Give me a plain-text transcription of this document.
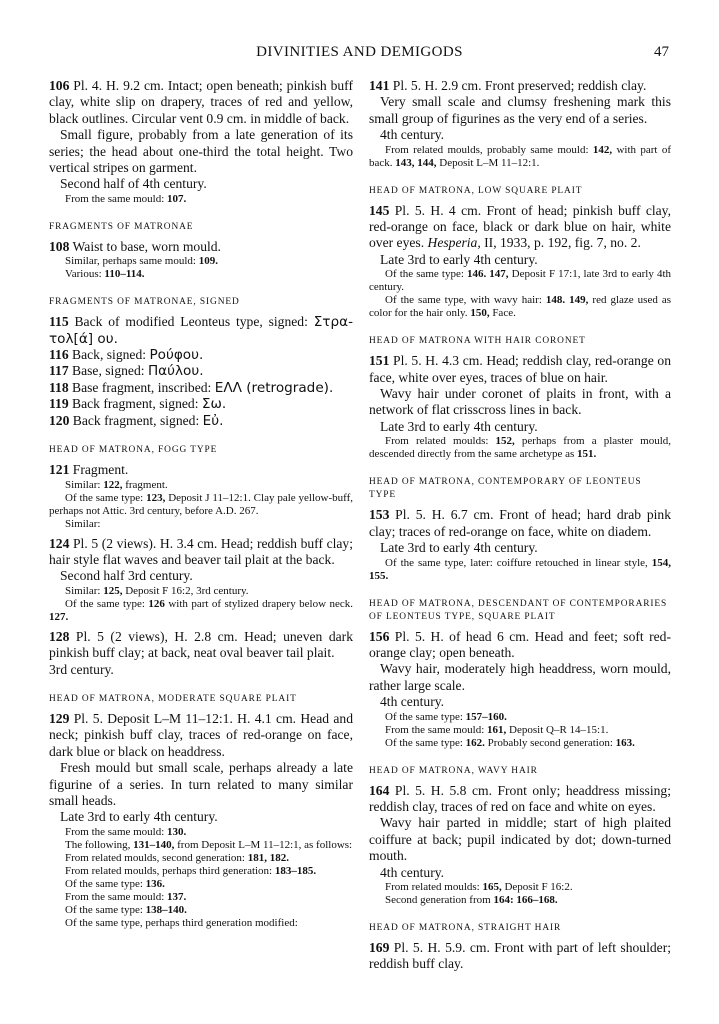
DIVINITIES AND DEMIGODS	47

106 Pl. 4. H. 9.2 cm. Intact; open beneath; pinkish buff clay, white slip on drapery, traces of red and yellow, black outlines. Circular vent 0.9 cm. in middle of back.

Small figure, probably from a late generation of its series; the head about one-third the total height. Two vertical stripes on garment.

Second half of 4th century.

From the same mould: 107.

FRAGMENTS OF MATRONAE

108 Waist to base, worn mould.

Similar, perhaps same mould: 109.

Various: 110–114.

FRAGMENTS OF MATRONAE, SIGNED

115 Back of modified Leonteus type, signed: Στρα-τολ[ά] ου.

116 Back, signed: Ρούφου.

117 Base, signed: Παύλου.

118 Base fragment, inscribed: ΕΛΛ (retrograde).

119 Back fragment, signed: Σω.

120 Back fragment, signed: Εὐ.

HEAD OF MATRONA, FOGG TYPE

121 Fragment.

Similar: 122, fragment.

Of the same type: 123, Deposit J 11–12:1. Clay pale yellow-buff, perhaps not Attic. 3rd century, before A.D. 267.

Similar:

124 Pl. 5 (2 views). H. 3.4 cm. Head; reddish buff clay; hair style flat waves and beaver tail plait at the back.

Second half 3rd century.

Similar: 125, Deposit F 16:2, 3rd century.

Of the same type: 126 with part of stylized drapery below neck. 127.

128 Pl. 5 (2 views), H. 2.8 cm. Head; uneven dark pinkish buff clay; at back, neat oval beaver tail plait.

3rd century.

HEAD OF MATRONA, MODERATE SQUARE PLAIT

129 Pl. 5. Deposit L–M 11–12:1. H. 4.1 cm. Head and neck; pinkish buff clay, traces of red-orange on face, dark blue or black on headdress.

Fresh mould but small scale, perhaps already a late figurine of a series. In turn related to many similar small heads.

Late 3rd to early 4th century.

From the same mould: 130.

The following, 131–140, from Deposit L–M 11–12:1, as follows:

From related moulds, second generation: 181, 182.

From related moulds, perhaps third generation: 183–185.

Of the same type: 136.

From the same mould: 137.

Of the same type: 138–140.

Of the same type, perhaps third generation modified:

141 Pl. 5. H. 2.9 cm. Front preserved; reddish clay.

Very small scale and clumsy freshening mark this small group of figurines as the very end of a series.

4th century.

From related moulds, probably same mould: 142, with part of back. 143, 144, Deposit L–M 11–12:1.

HEAD OF MATRONA, LOW SQUARE PLAIT

145 Pl. 5. H. 4 cm. Front of head; pinkish buff clay, red-orange on face, black or dark blue on hair, white over eyes. Hesperia, II, 1933, p. 192, fig. 7, no. 2.

Late 3rd to early 4th century.

Of the same type: 146. 147, Deposit F 17:1, late 3rd to early 4th century.

Of the same type, with wavy hair: 148. 149, red glaze used as color for the hair only. 150, Face.

HEAD OF MATRONA WITH HAIR CORONET

151 Pl. 5. H. 4.3 cm. Head; reddish clay, red-orange on face, white over eyes, traces of blue on hair.

Wavy hair under coronet of plaits in front, with a network of flat crisscross lines in back.

Late 3rd to early 4th century.

From related moulds: 152, perhaps from a plaster mould, descended directly from the same archetype as 151.

HEAD OF MATRONA, CONTEMPORARY OF LEONTEUS TYPE

153 Pl. 5. H. 6.7 cm. Front of head; hard drab pink clay; traces of red-orange on face, white on diadem.

Late 3rd to early 4th century.

Of the same type, later: coiffure retouched in linear style, 154, 155.

HEAD OF MATRONA, DESCENDANT OF CONTEMPORARIES OF LEONTEUS TYPE, SQUARE PLAIT

156 Pl. 5. H. of head 6 cm. Head and feet; soft red-orange clay; open beneath.

Wavy hair, moderately high headdress, worn mould, rather large scale.

4th century.

Of the same type: 157–160.

From the same mould: 161, Deposit Q–R 14–15:1.

Of the same type: 162. Probably second generation: 163.

HEAD OF MATRONA, WAVY HAIR

164 Pl. 5. H. 5.8 cm. Front only; headdress missing; reddish clay, traces of red on face and white on eyes.

Wavy hair parted in middle; start of high plaited coiffure at back; pupil indicated by dot; down-turned mouth.

4th century.

From related moulds: 165, Deposit F 16:2.

Second generation from 164: 166–168.

HEAD OF MATRONA, STRAIGHT HAIR

169 Pl. 5. H. 5.9. cm. Front with part of left shoulder; reddish buff clay.
